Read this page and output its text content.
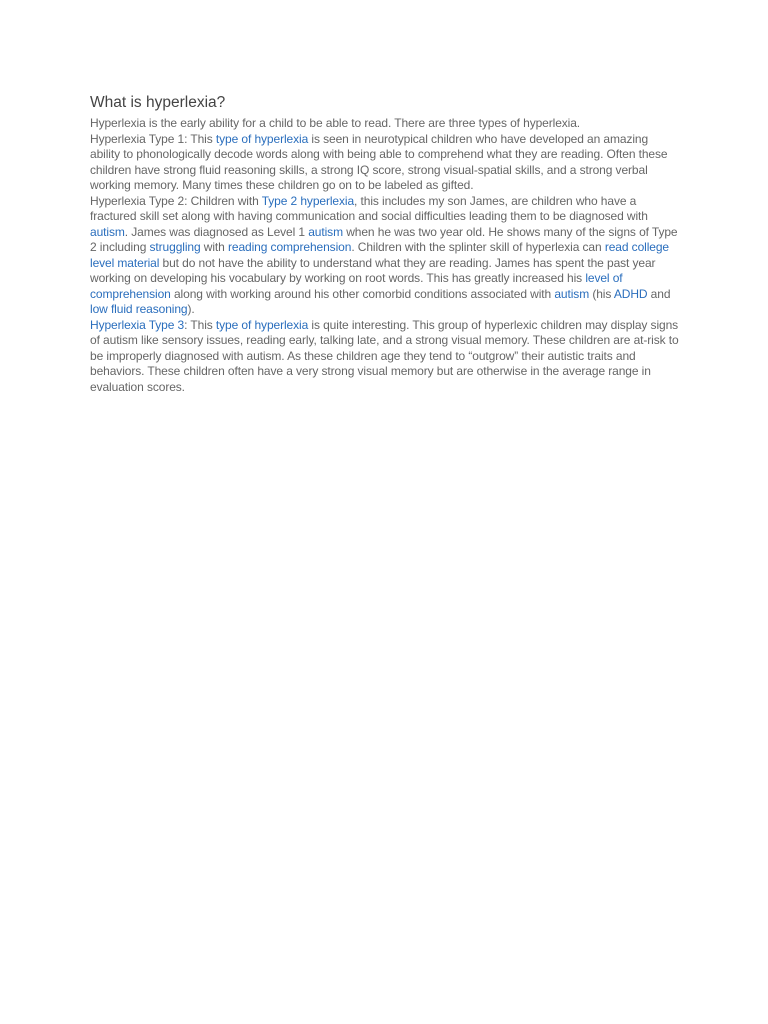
What is hyperlexia?

Hyperlexia is the early ability for a child to be able to read. There are three types of hyperlexia.

Hyperlexia Type 1: This type of hyperlexia is seen in neurotypical children who have developed an amazing ability to phonologically decode words along with being able to comprehend what they are reading. Often these children have strong fluid reasoning skills, a strong IQ score, strong visual-spatial skills, and a strong verbal working memory. Many times these children go on to be labeled as gifted.

Hyperlexia Type 2: Children with Type 2 hyperlexia, this includes my son James, are children who have a fractured skill set along with having communication and social difficulties leading them to be diagnosed with autism. James was diagnosed as Level 1 autism when he was two year old. He shows many of the signs of Type 2 including struggling with reading comprehension. Children with the splinter skill of hyperlexia can read college level material but do not have the ability to understand what they are reading. James has spent the past year working on developing his vocabulary by working on root words. This has greatly increased his level of comprehension along with working around his other comorbid conditions associated with autism (his ADHD and low fluid reasoning).

Hyperlexia Type 3: This type of hyperlexia is quite interesting. This group of hyperlexic children may display signs of autism like sensory issues, reading early, talking late, and a strong visual memory. These children are at-risk to be improperly diagnosed with autism. As these children age they tend to “outgrow” their autistic traits and behaviors. These children often have a very strong visual memory but are otherwise in the average range in evaluation scores.
